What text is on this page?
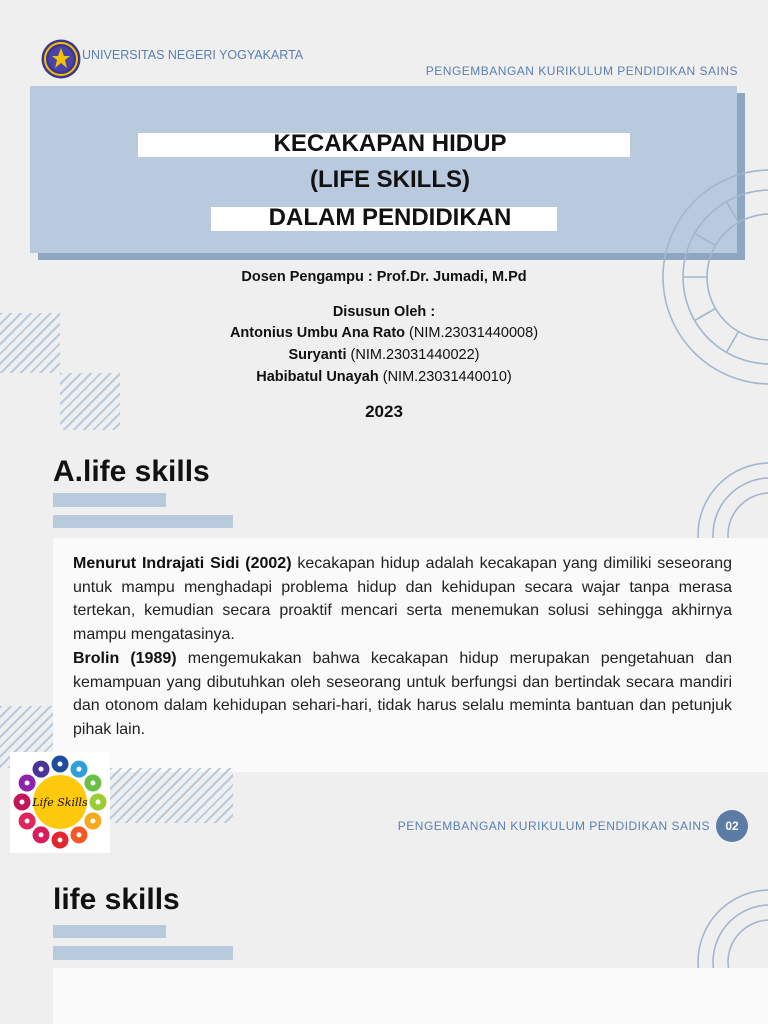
UNIVERSITAS NEGERI YOGYAKARTA
PENGEMBANGAN KURIKULUM PENDIDIKAN SAINS
KECAKAPAN HIDUP
(LIFE SKILLS)
DALAM PENDIDIKAN
Dosen Pengampu : Prof.Dr. Jumadi, M.Pd
Disusun Oleh :
Antonius Umbu Ana Rato (NIM.23031440008)
Suryanti (NIM.23031440022)
Habibatul Unayah (NIM.23031440010)
2023
A.life skills

Menurut Indrajati Sidi (2002) kecakapan hidup adalah kecakapan yang dimiliki seseorang untuk mampu menghadapi problema hidup dan kehidupan secara wajar tanpa merasa tertekan, kemudian secara proaktif mencari serta menemukan solusi sehingga akhirnya mampu mengatasinya.

Brolin (1989) mengemukakan bahwa kecakapan hidup merupakan pengetahuan dan kemampuan yang dibutuhkan oleh seseorang untuk berfungsi dan bertindak secara mandiri dan otonom dalam kehidupan sehari-hari, tidak harus selalu meminta bantuan dan petunjuk pihak lain.

Life Skills
PENGEMBANGAN KURIKULUM PENDIDIKAN SAINS	02
life skills
